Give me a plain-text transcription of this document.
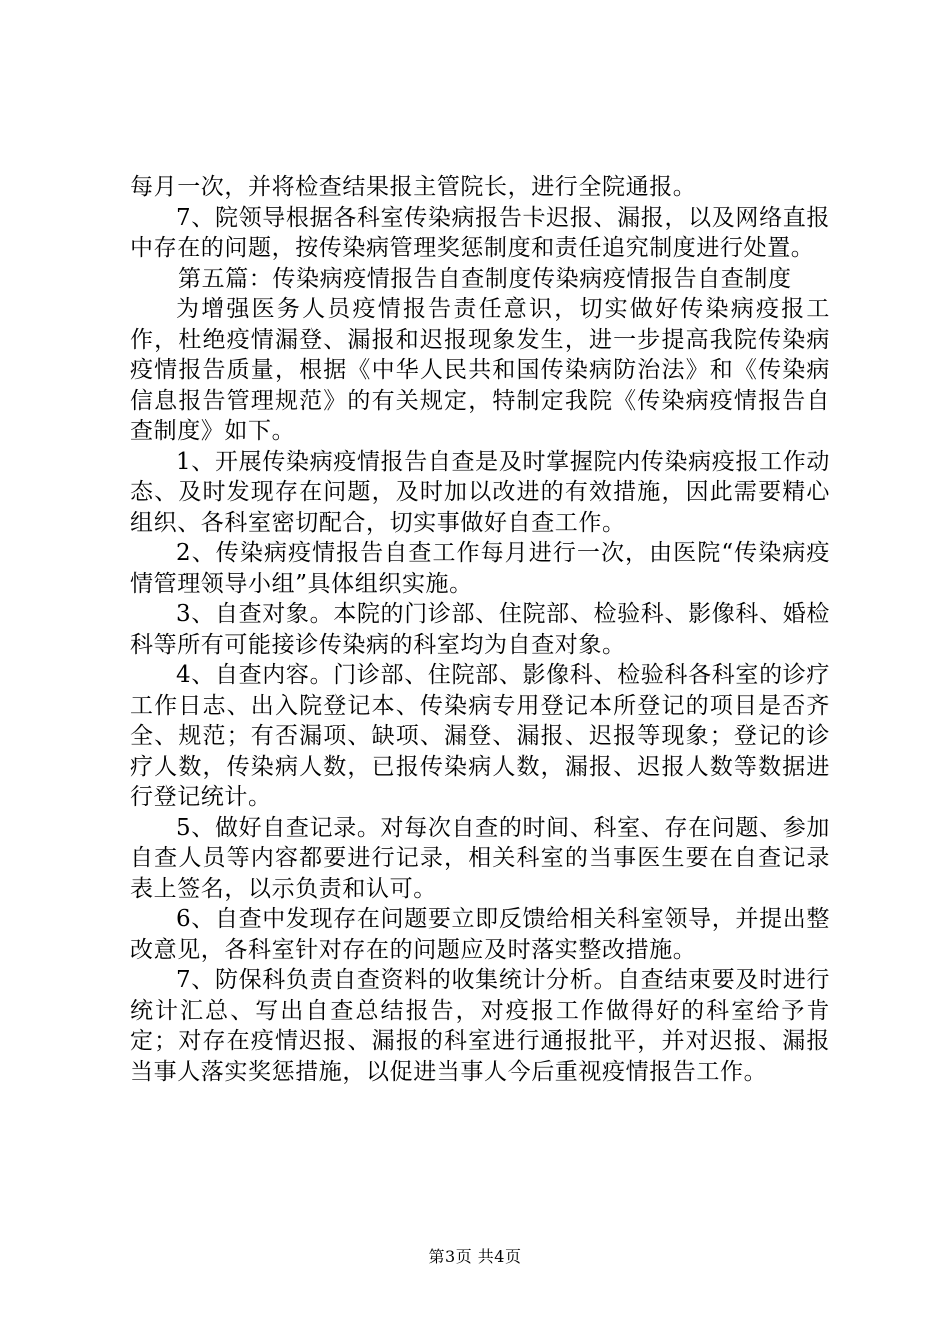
每月一次，并将检查结果报主管院长，进行全院通报。

7、院领导根据各科室传染病报告卡迟报、漏报，以及网络直报中存在的问题，按传染病管理奖惩制度和责任追究制度进行处置。

第五篇：传染病疫情报告自查制度传染病疫情报告自查制度

为增强医务人员疫情报告责任意识，切实做好传染病疫报工作，杜绝疫情漏登、漏报和迟报现象发生，进一步提高我院传染病疫情报告质量，根据《中华人民共和国传染病防治法》和《传染病信息报告管理规范》的有关规定，特制定我院《传染病疫情报告自查制度》如下。

1、开展传染病疫情报告自查是及时掌握院内传染病疫报工作动态、及时发现存在问题，及时加以改进的有效措施，因此需要精心组织、各科室密切配合，切实事做好自查工作。

2、传染病疫情报告自查工作每月进行一次，由医院“传染病疫情管理领导小组”具体组织实施。

3、自查对象。本院的门诊部、住院部、检验科、影像科、婚检科等所有可能接诊传染病的科室均为自查对象。

4、自查内容。门诊部、住院部、影像科、检验科各科室的诊疗工作日志、出入院登记本、传染病专用登记本所登记的项目是否齐全、规范；有否漏项、缺项、漏登、漏报、迟报等现象；登记的诊疗人数，传染病人数，已报传染病人数，漏报、迟报人数等数据进行登记统计。

5、做好自查记录。对每次自查的时间、科室、存在问题、参加自查人员等内容都要进行记录，相关科室的当事医生要在自查记录表上签名，以示负责和认可。

6、自查中发现存在问题要立即反馈给相关科室领导，并提出整改意见，各科室针对存在的问题应及时落实整改措施。

7、防保科负责自查资料的收集统计分析。自查结束要及时进行统计汇总、写出自查总结报告，对疫报工作做得好的科室给予肯定；对存在疫情迟报、漏报的科室进行通报批平，并对迟报、漏报当事人落实奖惩措施，以促进当事人今后重视疫情报告工作。

第3页 共4页
